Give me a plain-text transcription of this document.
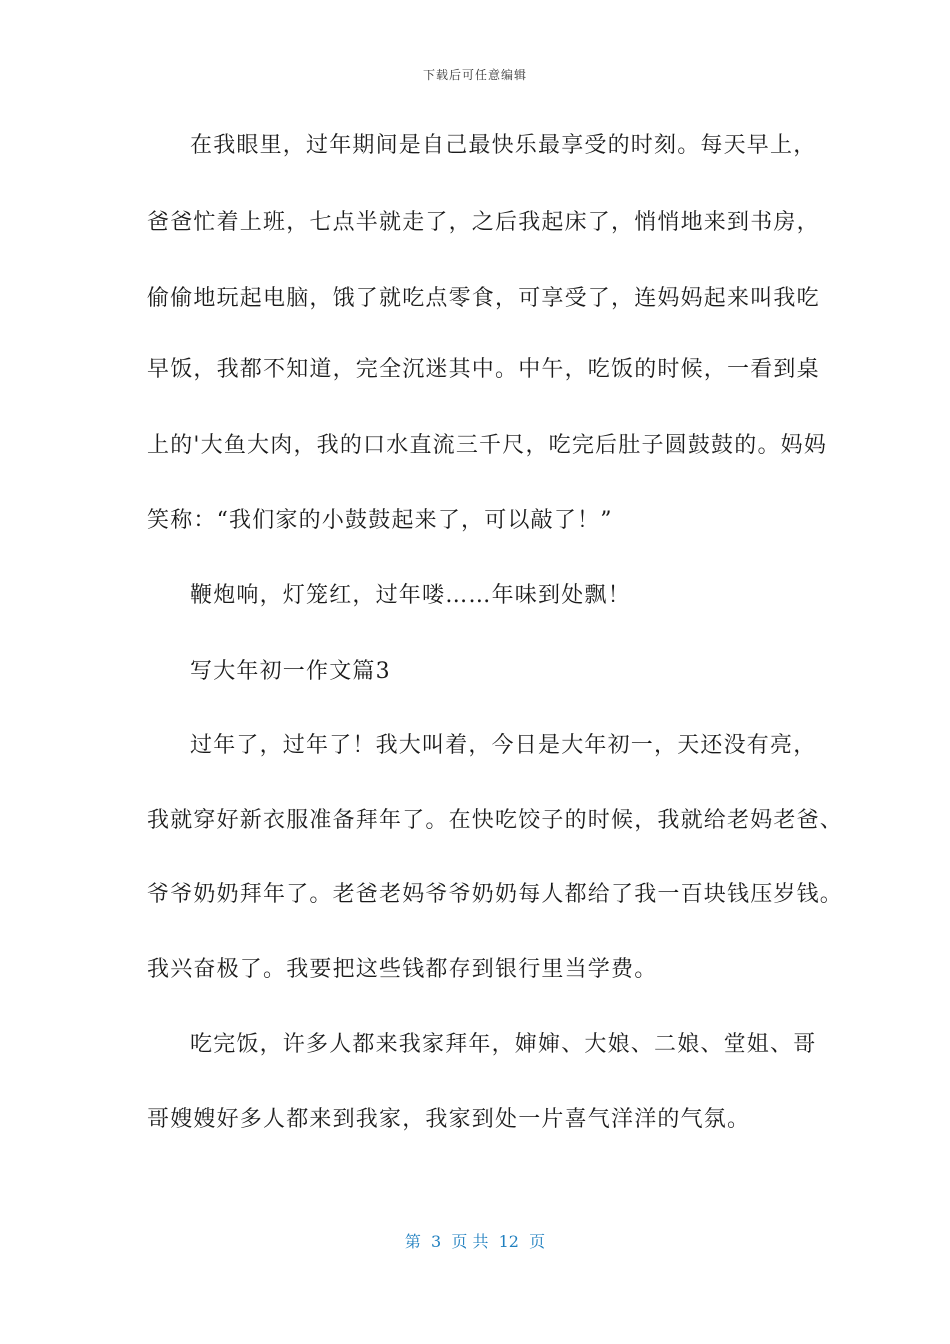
下载后可任意编辑
在我眼里，过年期间是自己最快乐最享受的时刻。每天早上，
爸爸忙着上班，七点半就走了，之后我起床了，悄悄地来到书房，
偷偷地玩起电脑，饿了就吃点零食，可享受了，连妈妈起来叫我吃
早饭，我都不知道，完全沉迷其中。中午，吃饭的时候，一看到桌
上的'大鱼大肉，我的口水直流三千尺，吃完后肚子圆鼓鼓的。妈妈
笑称：“我们家的小鼓鼓起来了，可以敲了！”
鞭炮响，灯笼红，过年喽……年味到处飘！
写大年初一作文篇3
过年了，过年了！我大叫着，今日是大年初一，天还没有亮，
我就穿好新衣服准备拜年了。在快吃饺子的时候，我就给老妈老爸、
爷爷奶奶拜年了。老爸老妈爷爷奶奶每人都给了我一百块钱压岁钱。
我兴奋极了。我要把这些钱都存到银行里当学费。
吃完饭，许多人都来我家拜年，婶婶、大娘、二娘、堂姐、哥
哥嫂嫂好多人都来到我家，我家到处一片喜气洋洋的气氛。
第  3  页 共  12  页
